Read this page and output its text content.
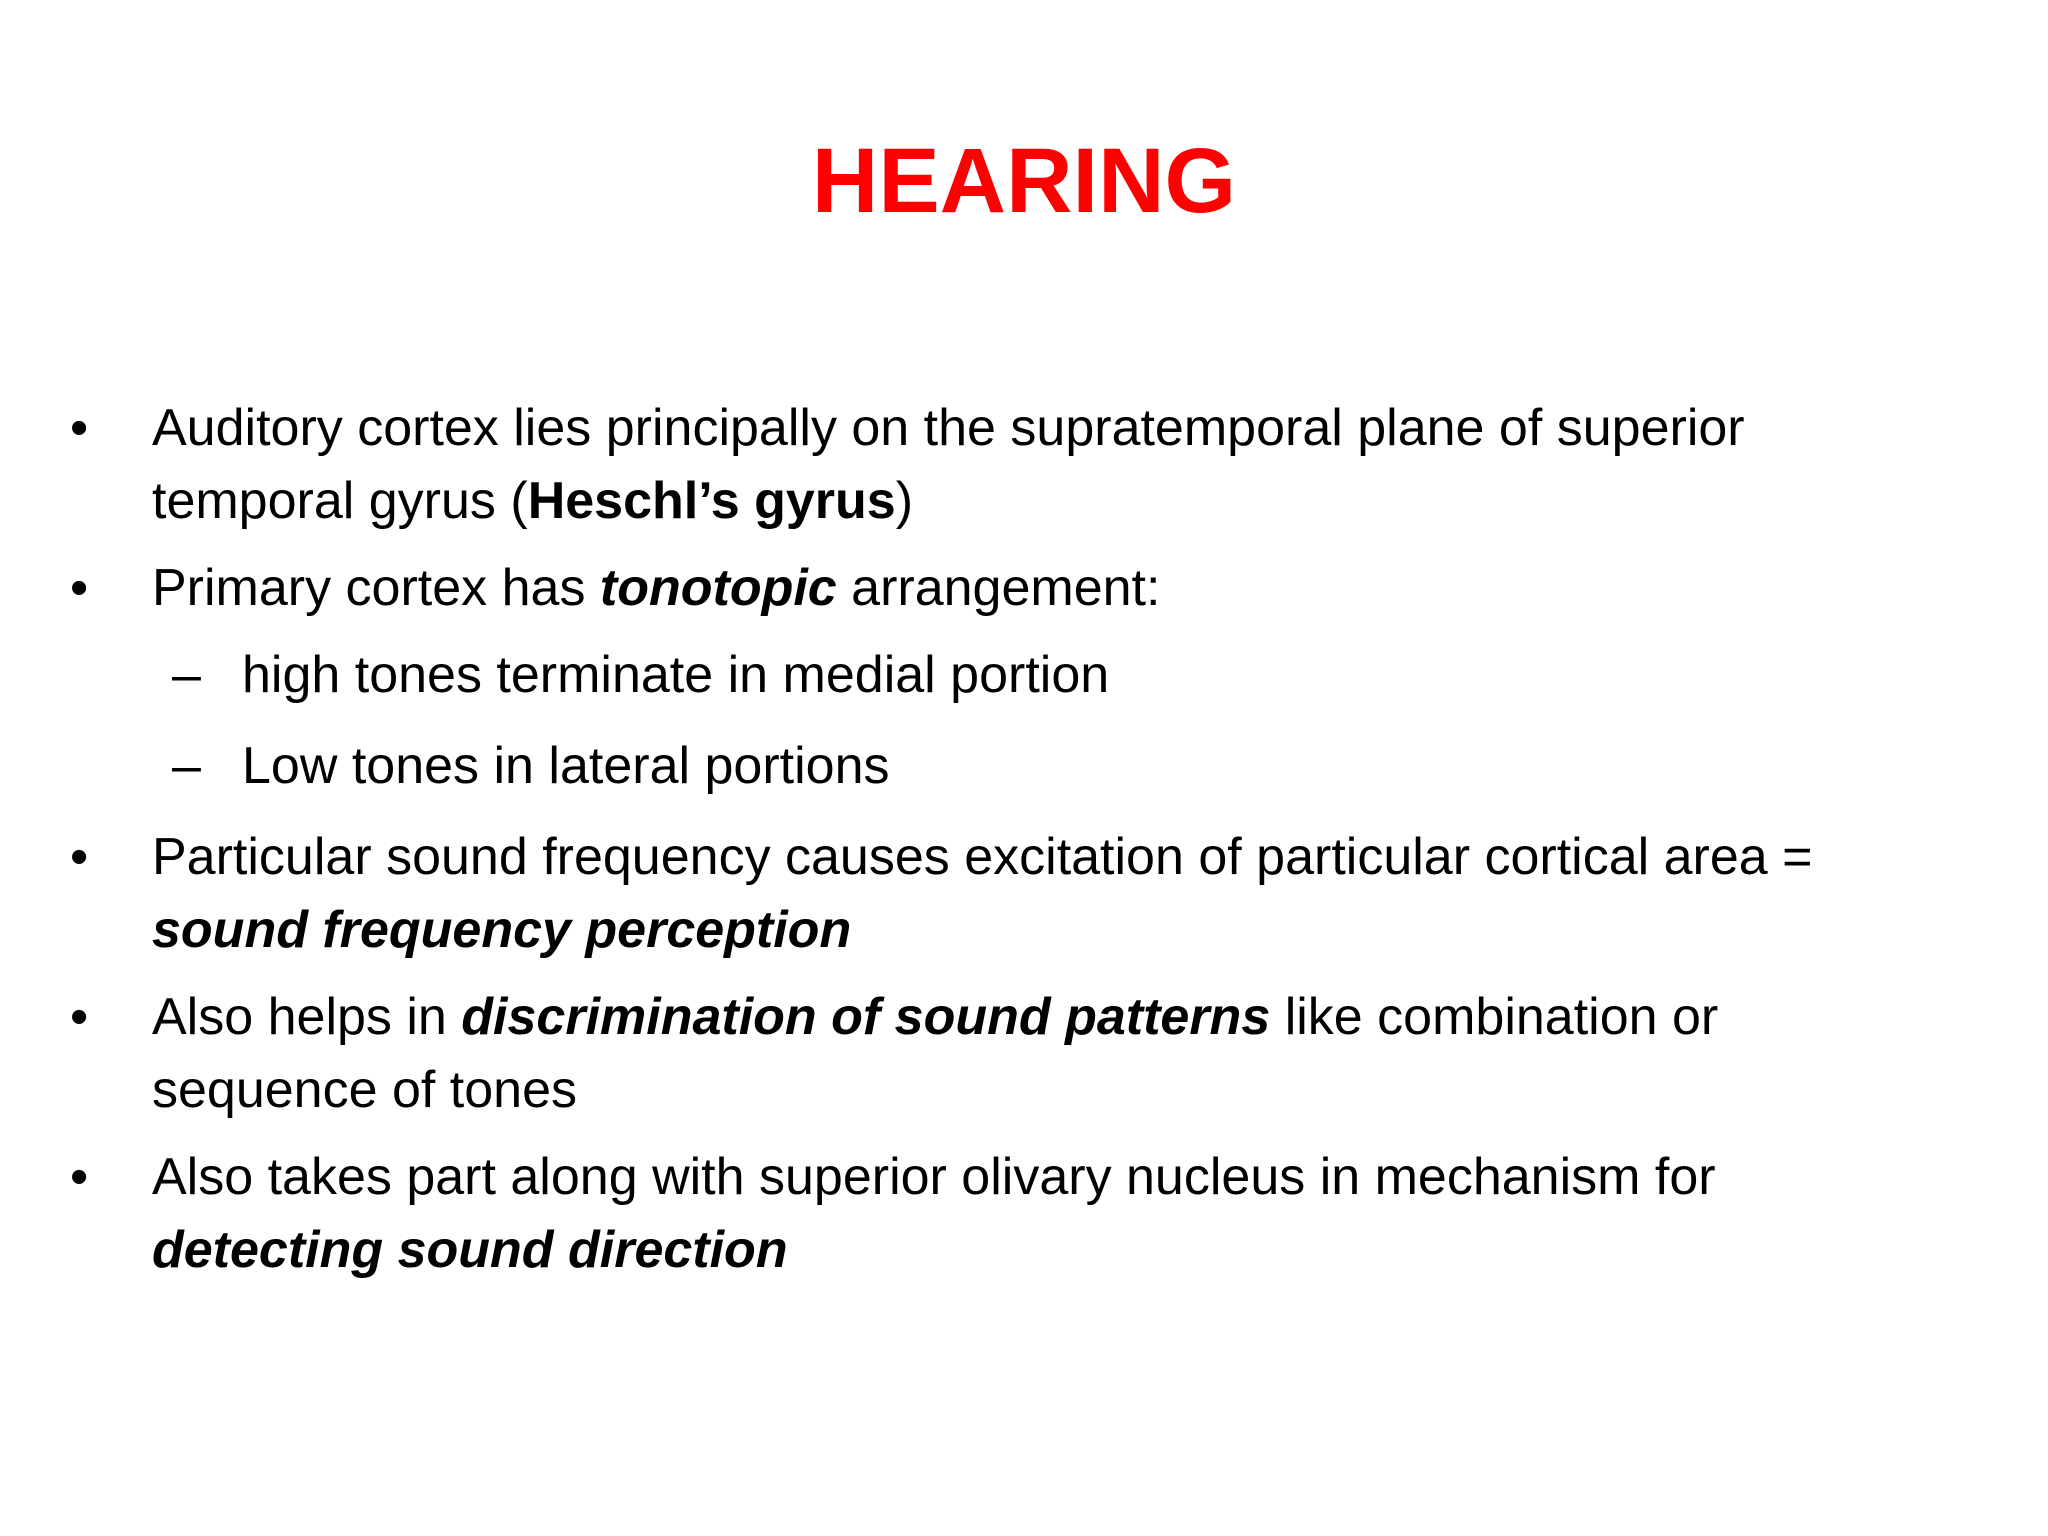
HEARING
• Auditory cortex lies principally on the supratemporal plane of superior temporal gyrus (Heschl’s gyrus)
• Primary cortex has tonotopic arrangement:
– high tones terminate in medial portion
– Low tones in lateral portions
• Particular sound frequency causes excitation of particular cortical area = sound frequency perception
• Also helps in discrimination of sound patterns like combination or sequence of tones
• Also takes part along with superior olivary nucleus in mechanism for detecting sound direction
